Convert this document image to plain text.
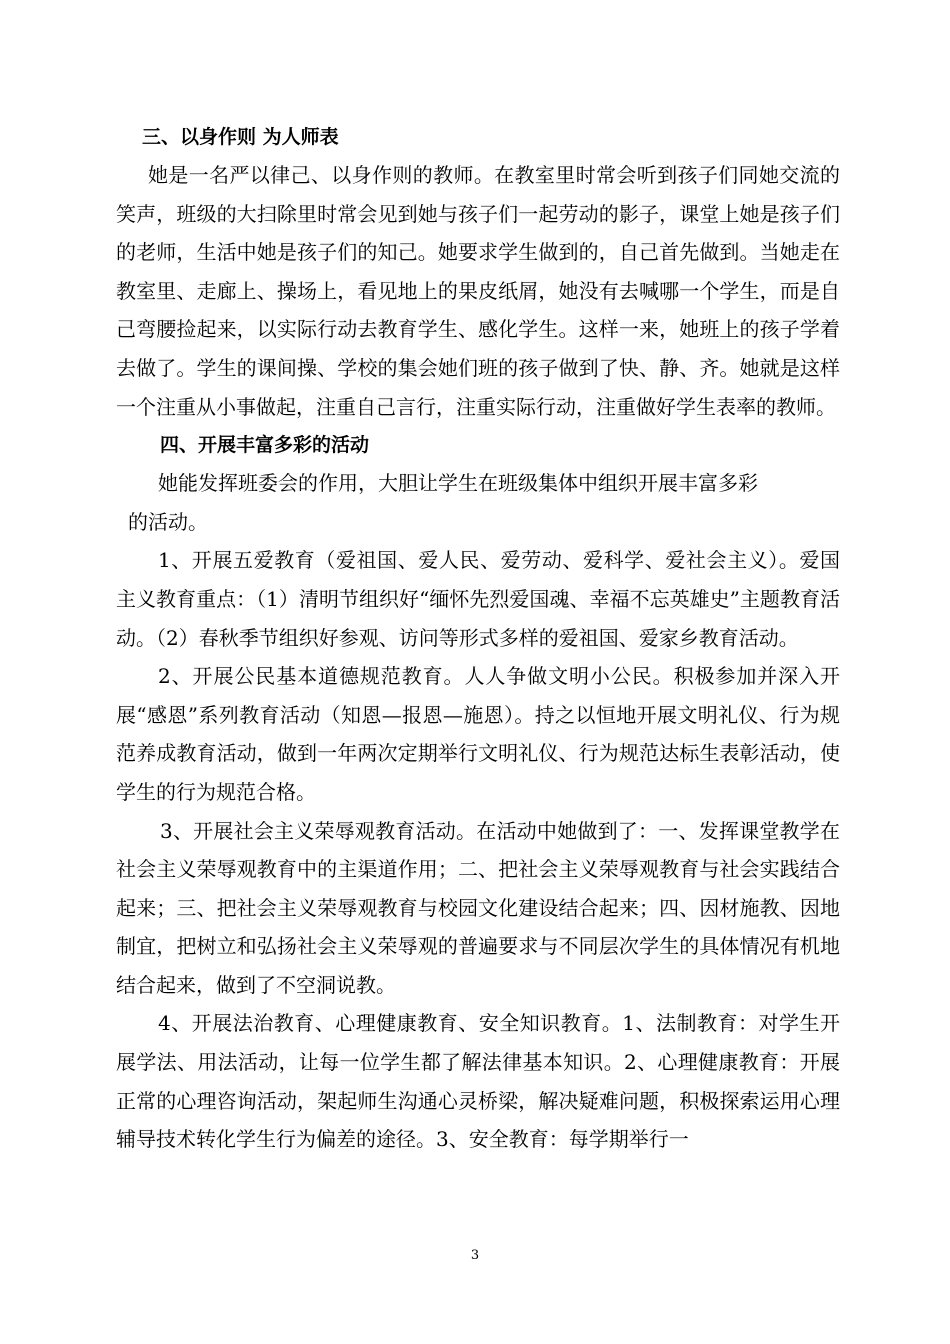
三、以身作则 为人师表

她是一名严以律己、以身作则的教师。在教室里时常会听到孩子们同她交流的笑声，班级的大扫除里时常会见到她与孩子们一起劳动的影子，课堂上她是孩子们的老师，生活中她是孩子们的知己。她要求学生做到的，自己首先做到。当她走在教室里、走廊上、操场上，看见地上的果皮纸屑，她没有去喊哪一个学生，而是自己弯腰捡起来，以实际行动去教育学生、感化学生。这样一来，她班上的孩子学着去做了。学生的课间操、学校的集会她们班的孩子做到了快、静、齐。她就是这样一个注重从小事做起，注重自己言行，注重实际行动，注重做好学生表率的教师。

四、开展丰富多彩的活动

她能发挥班委会的作用，大胆让学生在班级集体中组织开展丰富多彩
的活动。

1、开展五爱教育（爱祖国、爱人民、爱劳动、爱科学、爱社会主义）。爱国主义教育重点：（1）清明节组织好“缅怀先烈爱国魂、幸福不忘英雄史”主题教育活动。（2）春秋季节组织好参观、访问等形式多样的爱祖国、爱家乡教育活动。

2、开展公民基本道德规范教育。人人争做文明小公民。积极参加并深入开展“感恩”系列教育活动（知恩—报恩—施恩）。持之以恒地开展文明礼仪、行为规范养成教育活动，做到一年两次定期举行文明礼仪、行为规范达标生表彰活动，使学生的行为规范合格。

3、开展社会主义荣辱观教育活动。在活动中她做到了：一、发挥课堂教学在社会主义荣辱观教育中的主渠道作用；二、把社会主义荣辱观教育与社会实践结合起来；三、把社会主义荣辱观教育与校园文化建设结合起来；四、因材施教、因地制宜，把树立和弘扬社会主义荣辱观的普遍要求与不同层次学生的具体情况有机地结合起来，做到了不空洞说教。

4、开展法治教育、心理健康教育、安全知识教育。1、法制教育：对学生开展学法、用法活动，让每一位学生都了解法律基本知识。2、心理健康教育：开展正常的心理咨询活动，架起师生沟通心灵桥梁，解决疑难问题，积极探索运用心理辅导技术转化学生行为偏差的途径。3、安全教育：每学期举行一

3
